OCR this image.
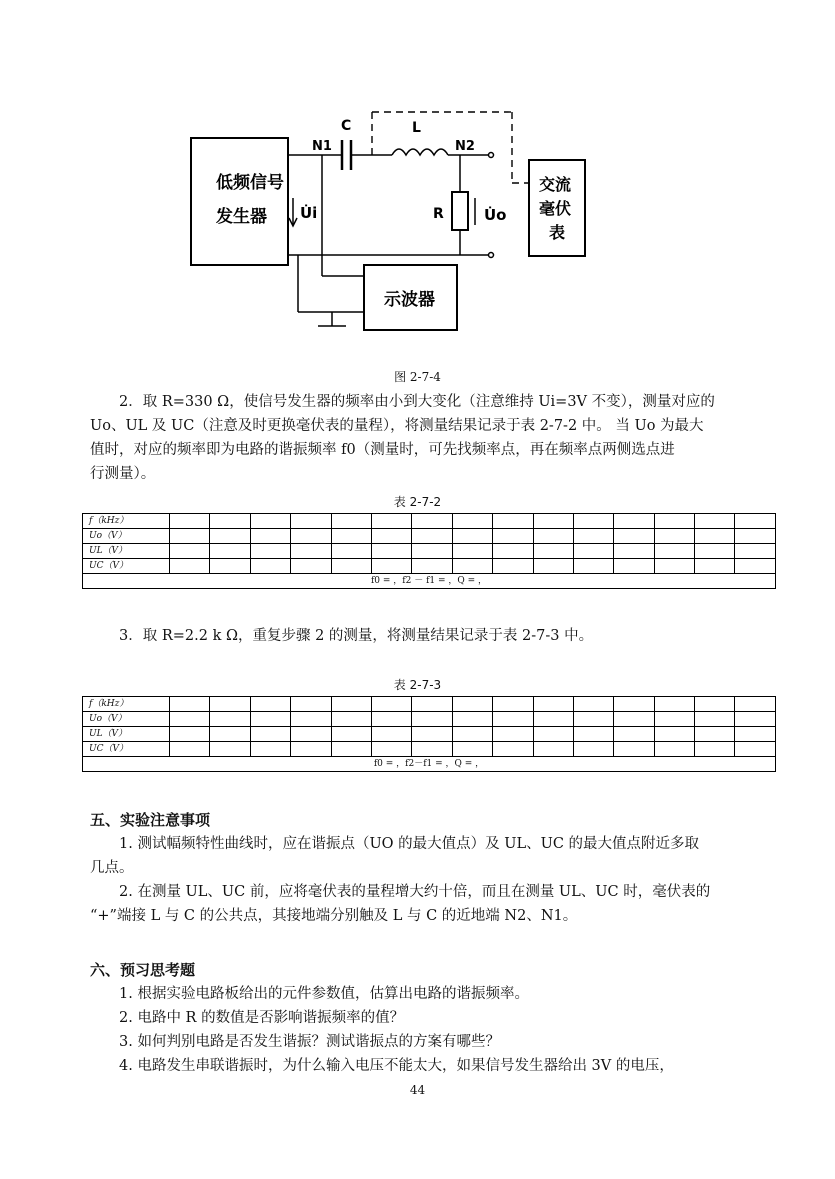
低频信号
发生器
C	L
N1	N2
U̇i	R	U̇o
交流
毫伏
表
示波器
图 2-7-4

2．取 R=330 Ω，使信号发生器的频率由小到大变化（注意维持 Ui=3V 不变），测量对应的

Uo、UL 及 UC（注意及时更换毫伏表的量程），将测量结果记录于表 2-7-2 中。 当 Uo 为最大

值时，对应的频率即为电路的谐振频率 f0（测量时，可先找频率点，再在频率点两侧选点进

行测量）。

表 2-7-2
f（kHz）															
Uo（V）															
UL（V）															
UC（V）															
f0 = ，f2 － f1 = ，Q = ，															

3．取 R=2.2 k Ω，重复步骤 2 的测量，将测量结果记录于表 2-7-3 中。

表 2-7-3
f（kHz）															
Uo（V）															
UL（V）															
UC（V）															
f0 = ，f2－f1 = ，Q = ，															
五、实验注意事项

1. 测试幅频特性曲线时，应在谐振点（UO 的最大值点）及 UL、UC 的最大值点附近多取

几点。

2. 在测量 UL、UC 前，应将毫伏表的量程增大约十倍，而且在测量 UL、UC 时，毫伏表的

“+”端接 L 与 C 的公共点，其接地端分别触及 L 与 C 的近地端 N2、N1。

六、预习思考题
1. 根据实验电路板给出的元件参数值，估算出电路的谐振频率。
2. 电路中 R 的数值是否影响谐振频率的值？
3. 如何判别电路是否发生谐振？测试谐振点的方案有哪些？
4. 电路发生串联谐振时，为什么输入电压不能太大，如果信号发生器给出 3V 的电压，
44
